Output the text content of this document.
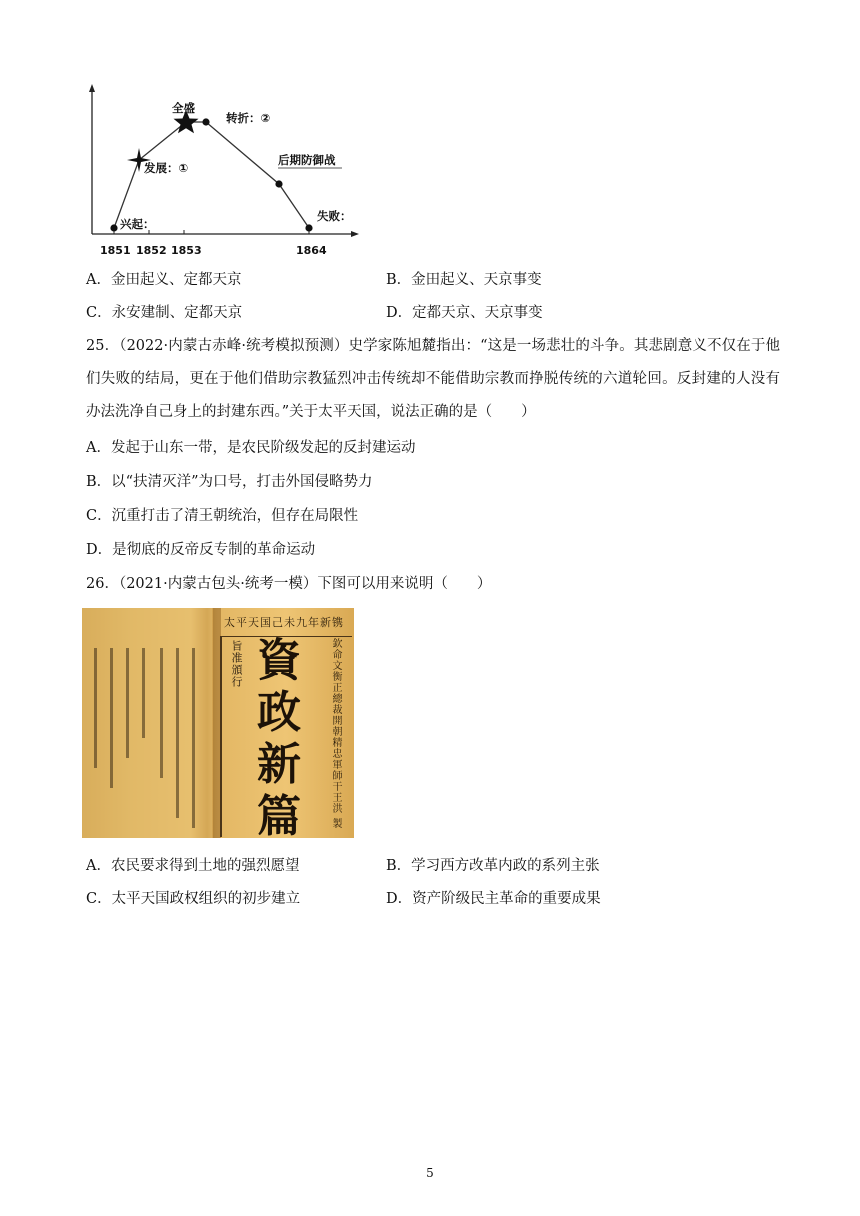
兴起：
发展：①
全盛
转折：②
后期防御战
失败：
1851 1852 1853	1864
A．金田起义、定都天京	B．金田起义、天京事变
C．永安建制、定都天京	D．定都天京、天京事变
25．（2022·内蒙古赤峰·统考模拟预测）史学家陈旭麓指出：“这是一场悲壮的斗争。其悲剧意义不仅在于他们失败的结局，更在于他们借助宗教猛烈冲击传统却不能借助宗教而挣脱传统的六道轮回。反封建的人没有办法洗净自己身上的封建东西。”关于太平天国，说法正确的是（　　）
A．发起于山东一带，是农民阶级发起的反封建运动
B．以“扶清灭洋”为口号，打击外国侵略势力
C．沉重打击了清王朝统治，但存在局限性
D．是彻底的反帝反专制的革命运动
26．（2021·内蒙古包头·统考一模）下图可以用来说明（　　）
太平天国己未九年新镌
旨准頒行 資
政
新
篇	欽命文衡正總裁開朝精忠軍師干王洪 製
A．农民要求得到土地的强烈愿望	B．学习西方改革内政的系列主张
C．太平天国政权组织的初步建立	D．资产阶级民主革命的重要成果
5
